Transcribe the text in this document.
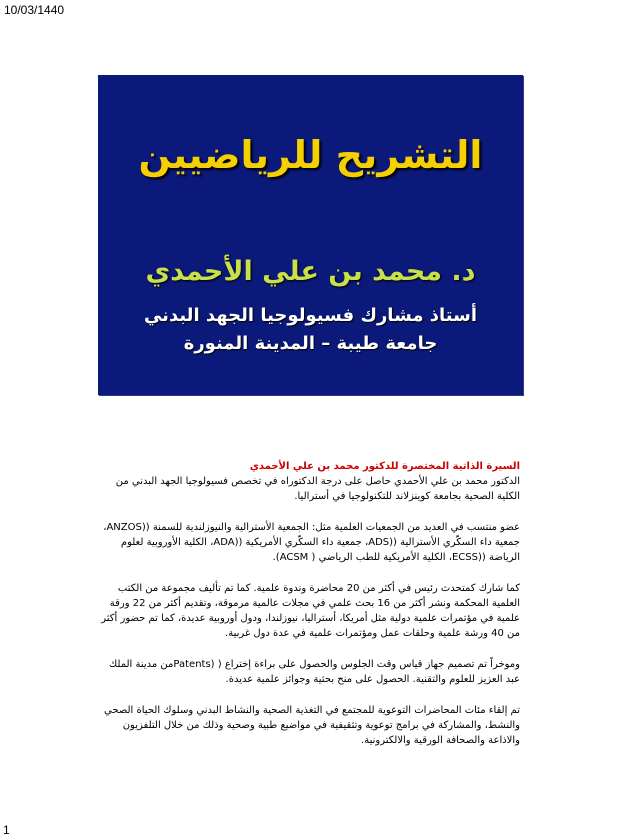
10/03/1440
التشريح للرياضيين
د. محمد بن علي الأحمدي
أستاذ مشارك فسيولوجيا الجهد البدني
جامعة طيبة – المدينة المنورة
السيرة الذاتية المختصرة للدكتور محمد بن علي الأحمدي

الدكتور محمد بن علي الأحمدي حاصل على درجة الدكتوراه في تخصص فسيولوجيا الجهد البدني من الكلية الصحية بجامعة كوينزلاند للتكنولوجيا في أستراليا.

عضو منتسب في العديد من الجمعيات العلمية مثل: الجمعية الأسترالية والنيوزلندية للسمنة ((ANZOS، جمعية داء السكّري الأسترالية ((ADS، جمعية داء السكّري الأمريكية ((ADA، الكلية الأوروبية لعلوم الرياضة ((ECSS، الكلية الأمريكية للطب الرياضي ( ACSM).

كما شارك كمتحدث رئيس في أكثر من 20 محاضرة وندوة علمية. كما تم تأليف مجموعة من الكتب العلمية المحكمة ونشر أكثر من 16 بحث علمي في مجلات عالمية مرموقة، وتقديم أكثر من 22 ورقة علمية في مؤتمرات علمية دولية مثل أمريكا، أستراليا، نيوزلندا، ودول أوروبية عديدة، كما تم حضور أكثر من 40 ورشة علمية وحلقات عمل ومؤتمرات علمية في عدة دول غربية.

وموخراً تم تصميم جهاز قياس وقت الجلوس والحصول على براءة إختراع ( (Patentsمن مدينة الملك عبد العزيز للعلوم والتقنية. الحصول على منح بحثية وجوائز علمية عديدة.

تم إلقاء مئات المحاضرات التوعوية للمجتمع في التغذية الصحية والنشاط البدني وسلوك الحياة الصحي والنشط، والمشاركة في برامج توعوية وتثقيفية في مواضيع طبية وصحية وذلك من خلال التلفزيون والاذاعة والصحافة الورقية والالكترونية.

1
